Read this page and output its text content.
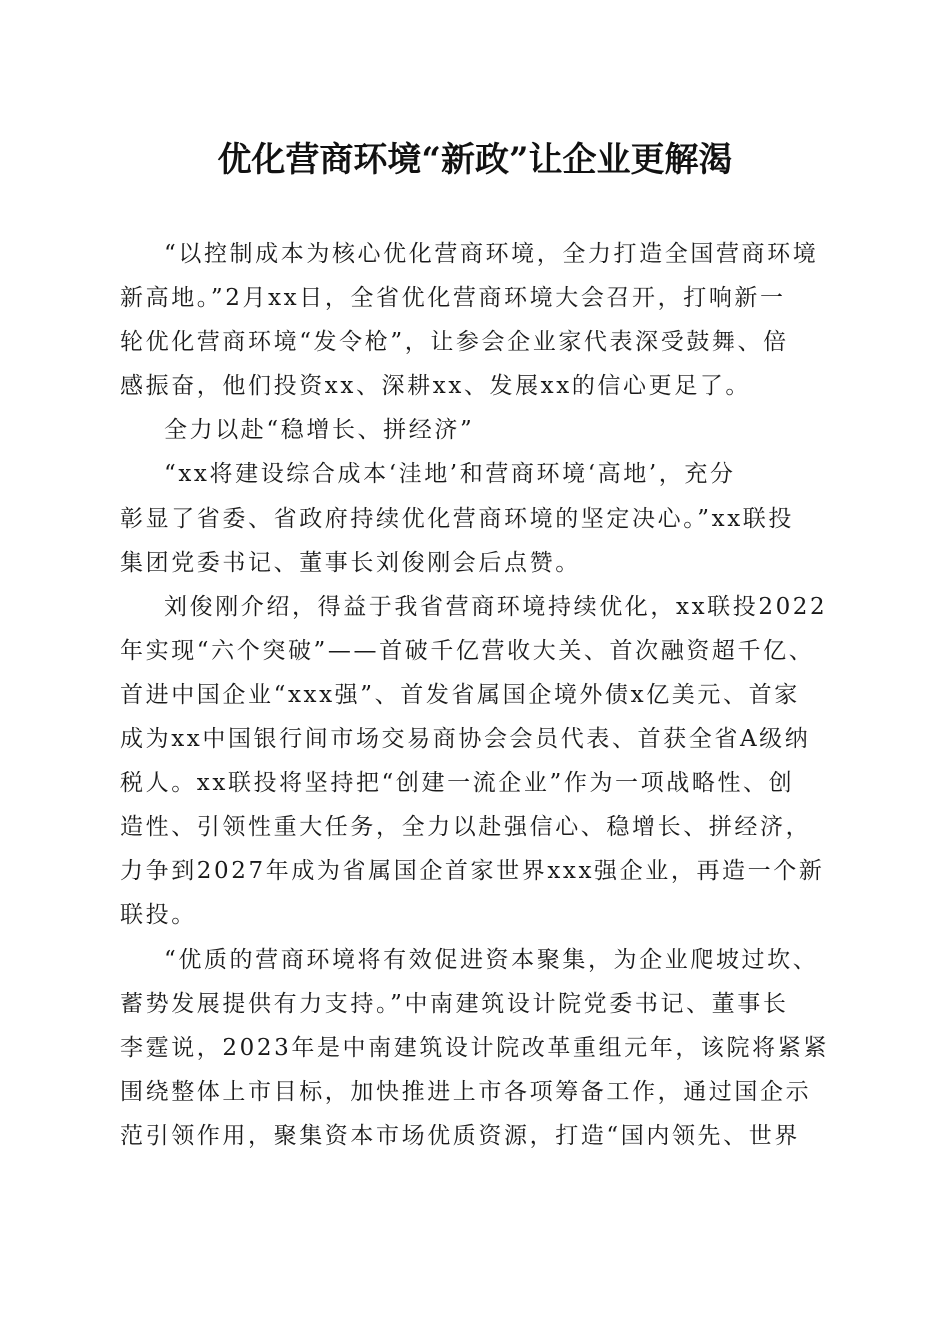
优化营商环境“新政”让企业更解渴
“以控制成本为核心优化营商环境，全力打造全国营商环境
新高地。”2月xx日，全省优化营商环境大会召开，打响新一
轮优化营商环境“发令枪”，让参会企业家代表深受鼓舞、倍
感振奋，他们投资xx、深耕xx、发展xx的信心更足了。
全力以赴“稳增长、拼经济”
“xx将建设综合成本‘洼地’和营商环境‘高地’，充分
彰显了省委、省政府持续优化营商环境的坚定决心。”xx联投
集团党委书记、董事长刘俊刚会后点赞。
刘俊刚介绍，得益于我省营商环境持续优化，xx联投2022
年实现“六个突破”——首破千亿营收大关、首次融资超千亿、
首进中国企业“xxx强”、首发省属国企境外债x亿美元、首家
成为xx中国银行间市场交易商协会会员代表、首获全省A级纳
税人。xx联投将坚持把“创建一流企业”作为一项战略性、创
造性、引领性重大任务，全力以赴强信心、稳增长、拼经济，
力争到2027年成为省属国企首家世界xxx强企业，再造一个新
联投。
“优质的营商环境将有效促进资本聚集，为企业爬坡过坎、
蓄势发展提供有力支持。”中南建筑设计院党委书记、董事长
李霆说，2023年是中南建筑设计院改革重组元年，该院将紧紧
围绕整体上市目标，加快推进上市各项筹备工作，通过国企示
范引领作用，聚集资本市场优质资源，打造“国内领先、世界
